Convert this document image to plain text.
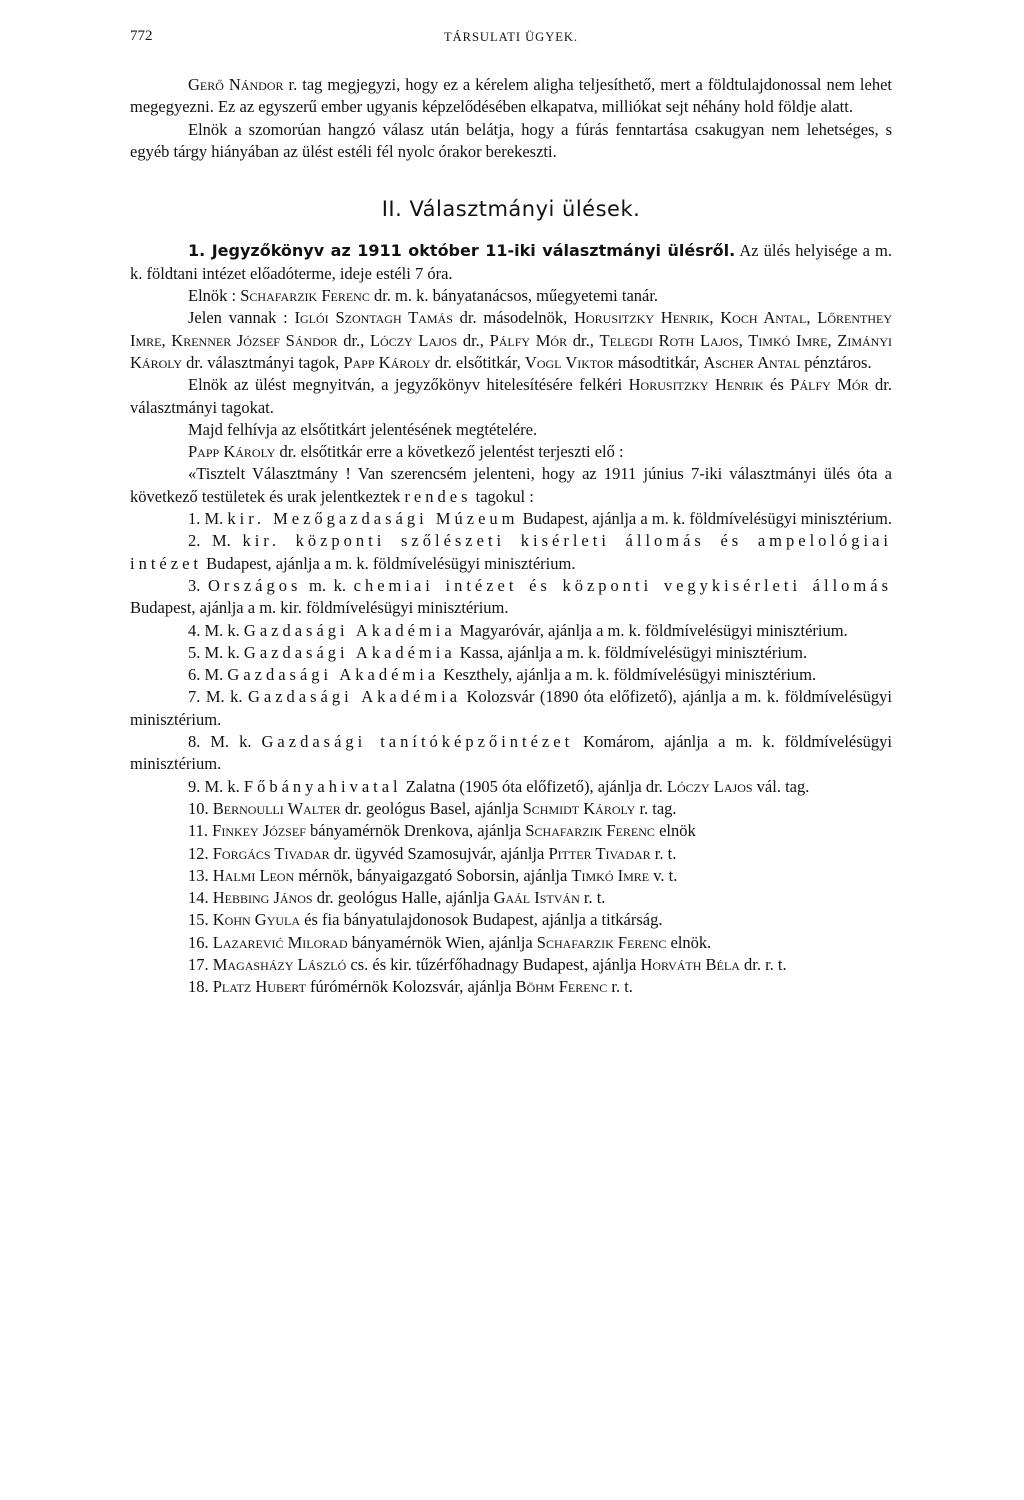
772	TÁRSULATI ÜGYEK.

Gerő Nándor r. tag megjegyzi, hogy ez a kérelem aligha teljesíthető, mert a földtulajdonossal nem lehet megegyezni. Ez az egyszerű ember ugyanis képzelődésében elkapatva, milliókat sejt néhány hold földje alatt.

Elnök a szomorúan hangzó válasz után belátja, hogy a fúrás fenntartása csakugyan nem lehetséges, s egyéb tárgy hiányában az ülést estéli fél nyolc órakor berekeszti.

II. Választmányi ülések.

1. Jegyzőkönyv az 1911 október 11-iki választmányi ülésről. Az ülés helyisége a m. k. földtani intézet előadóterme, ideje estéli 7 óra.

Elnök : Schafarzik Ferenc dr. m. k. bányatanácsos, műegyetemi tanár.

Jelen vannak : Iglói Szontagh Tamás dr. másodelnök, Horusitzky Henrik, Koch Antal, Lőrenthey Imre, Krenner József Sándor dr., Lóczy Lajos dr., Pálfy Mór dr., Telegdi Roth Lajos, Timkó Imre, Zimányi Károly dr. választmányi tagok, Papp Károly dr. elsőtitkár, Vogl Viktor másodtitkár, Ascher Antal pénztáros.

Elnök az ülést megnyitván, a jegyzőkönyv hitelesítésére felkéri Horusitzky Henrik és Pálfy Mór dr. választmányi tagokat.

Majd felhívja az elsőtitkárt jelentésének megtételére.

Papp Károly dr. elsőtitkár erre a következő jelentést terjeszti elő :

«Tisztelt Választmány ! Van szerencsém jelenteni, hogy az 1911 június 7-iki választmányi ülés óta a következő testületek és urak jelentkeztek rendes tagokul :

1. M. kir. Mezőgazdasági Múzeum Budapest, ajánlja a m. k. földmívelésügyi minisztérium.

2. M. kir. központi szőlészeti kisérleti állomás és ampelológiai intézet Budapest, ajánlja a m. k. földmívelésügyi minisztérium.

3. Országos m. k. chemiai intézet és központi vegykisérleti állomás Budapest, ajánlja a m. kir. földmívelésügyi minisztérium.

4. M. k. Gazdasági Akadémia Magyaróvár, ajánlja a m. k. földmívelésügyi minisztérium.

5. M. k. Gazdasági Akadémia Kassa, ajánlja a m. k. földmívelésügyi minisztérium.

6. M. Gazdasági Akadémia Keszthely, ajánlja a m. k. földmívelésügyi minisztérium.

7. M. k. Gazdasági Akadémia Kolozsvár (1890 óta előfizető), ajánlja a m. k. földmívelésügyi minisztérium.

8. M. k. Gazdasági tanítóképzőintézet Komárom, ajánlja a m. k. földmívelésügyi minisztérium.

9. M. k. Főbányahivatal Zalatna (1905 óta előfizető), ajánlja dr. Lóczy Lajos vál. tag.

10. Bernoulli Walter dr. geológus Basel, ajánlja Schmidt Károly r. tag.

11. Finkey József bányamérnök Drenkova, ajánlja Schafarzik Ferenc elnök

12. Forgács Tivadar dr. ügyvéd Szamosujvár, ajánlja Pitter Tivadar r. t.

13. Halmi Leon mérnök, bányaigazgató Soborsin, ajánlja Timkó Imre v. t.

14. Hebbing János dr. geológus Halle, ajánlja Gaál István r. t.

15. Kohn Gyula és fia bányatulajdonosok Budapest, ajánlja a titkárság.

16. Lazarević Milorad bányamérnök Wien, ajánlja Schafarzik Ferenc elnök.

17. Magasházy László cs. és kir. tűzérfőhadnagy Budapest, ajánlja Horváth Béla dr. r. t.

18. Platz Hubert fúrómérnök Kolozsvár, ajánlja Böhm Ferenc r. t.
